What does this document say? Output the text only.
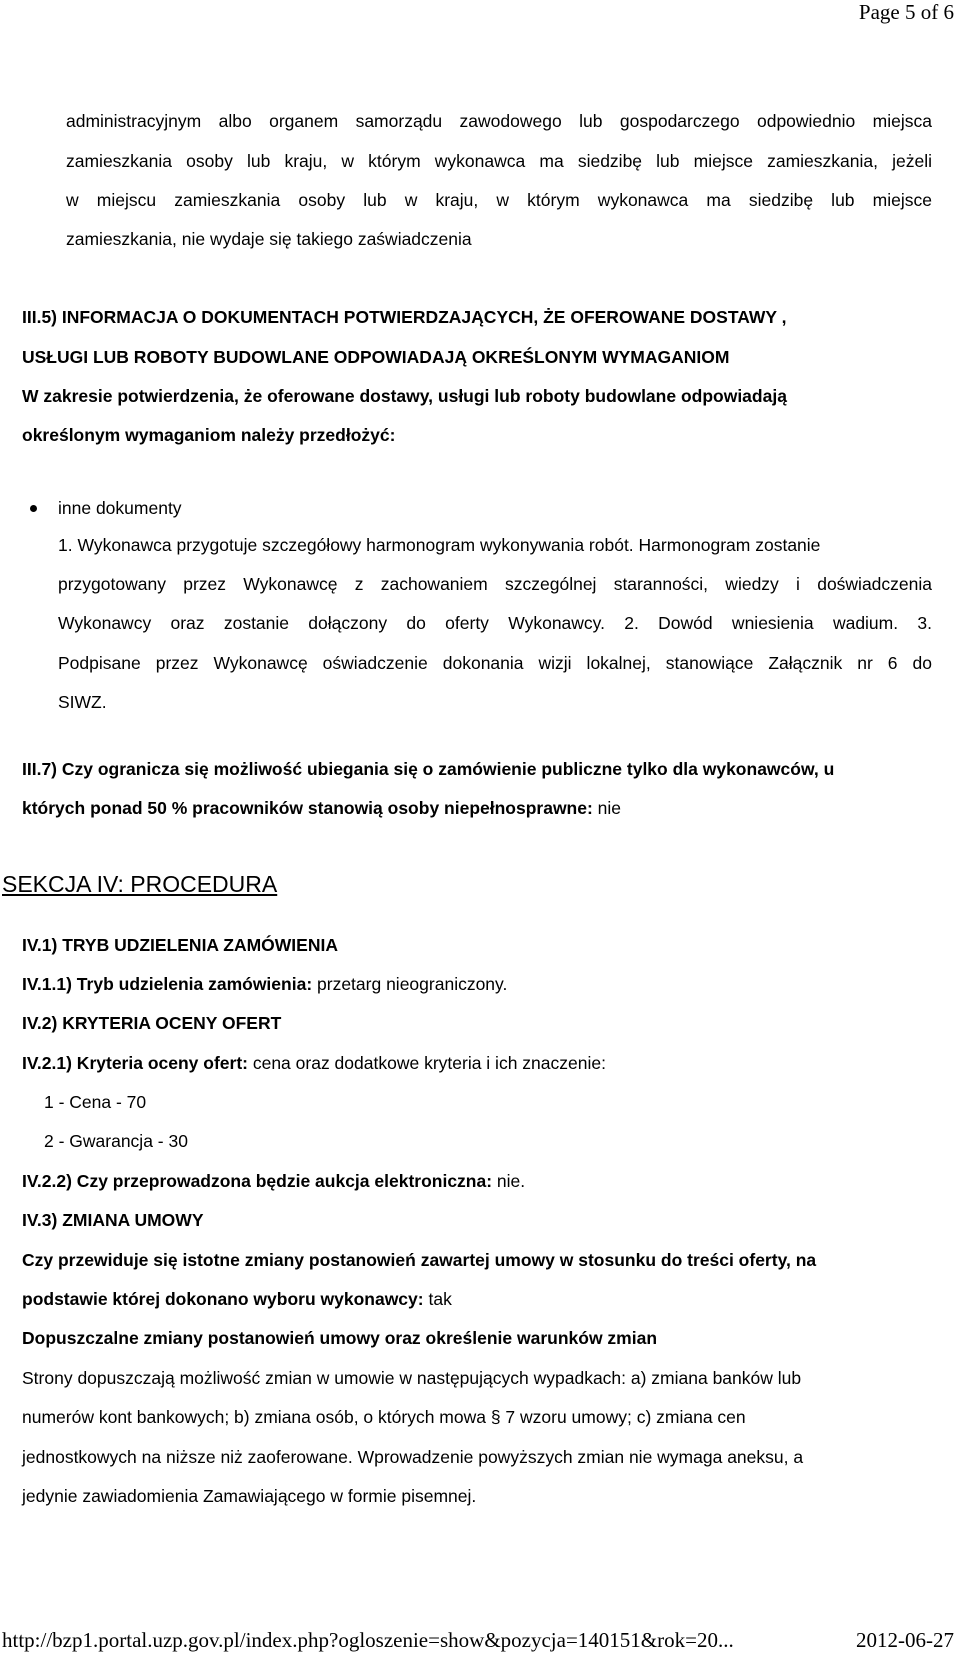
Page 5 of 6

administracyjnym albo organem samorządu zawodowego lub gospodarczego odpowiednio miejsca

zamieszkania osoby lub kraju, w którym wykonawca ma siedzibę lub miejsce zamieszkania, jeżeli

w miejscu zamieszkania osoby lub w kraju, w którym wykonawca ma siedzibę lub miejsce

zamieszkania, nie wydaje się takiego zaświadczenia

III.5) INFORMACJA O DOKUMENTACH POTWIERDZAJĄCYCH, ŻE OFEROWANE DOSTAWY ,

USŁUGI LUB ROBOTY BUDOWLANE ODPOWIADAJĄ OKREŚLONYM WYMAGANIOM

W zakresie potwierdzenia, że oferowane dostawy, usługi lub roboty budowlane odpowiadają

określonym wymaganiom należy przedłożyć:

inne dokumenty

1. Wykonawca przygotuje szczegółowy harmonogram wykonywania robót. Harmonogram zostanie

przygotowany przez Wykonawcę z zachowaniem szczególnej staranności, wiedzy i doświadczenia

Wykonawcy oraz zostanie dołączony do oferty Wykonawcy. 2. Dowód wniesienia wadium. 3.

Podpisane przez Wykonawcę oświadczenie dokonania wizji lokalnej, stanowiące Załącznik nr 6 do

SIWZ.

III.7) Czy ogranicza się możliwość ubiegania się o zamówienie publiczne tylko dla wykonawców, u

których ponad 50 % pracowników stanowią osoby niepełnosprawne: nie

SEKCJA IV: PROCEDURA

IV.1) TRYB UDZIELENIA ZAMÓWIENIA

IV.1.1) Tryb udzielenia zamówienia: przetarg nieograniczony.

IV.2) KRYTERIA OCENY OFERT

IV.2.1) Kryteria oceny ofert: cena oraz dodatkowe kryteria i ich znaczenie:

1 - Cena - 70

2 - Gwarancja - 30

IV.2.2) Czy przeprowadzona będzie aukcja elektroniczna: nie.

IV.3) ZMIANA UMOWY

Czy przewiduje się istotne zmiany postanowień zawartej umowy w stosunku do treści oferty, na

podstawie której dokonano wyboru wykonawcy: tak

Dopuszczalne zmiany postanowień umowy oraz określenie warunków zmian

Strony dopuszczają możliwość zmian w umowie w następujących wypadkach: a) zmiana banków lub

numerów kont bankowych; b) zmiana osób, o których mowa § 7 wzoru umowy; c) zmiana cen

jednostkowych na niższe niż zaoferowane. Wprowadzenie powyższych zmian nie wymaga aneksu, a

jedynie zawiadomienia Zamawiającego w formie pisemnej.

http://bzp1.portal.uzp.gov.pl/index.php?ogloszenie=show&pozycja=140151&rok=20...	2012-06-27
